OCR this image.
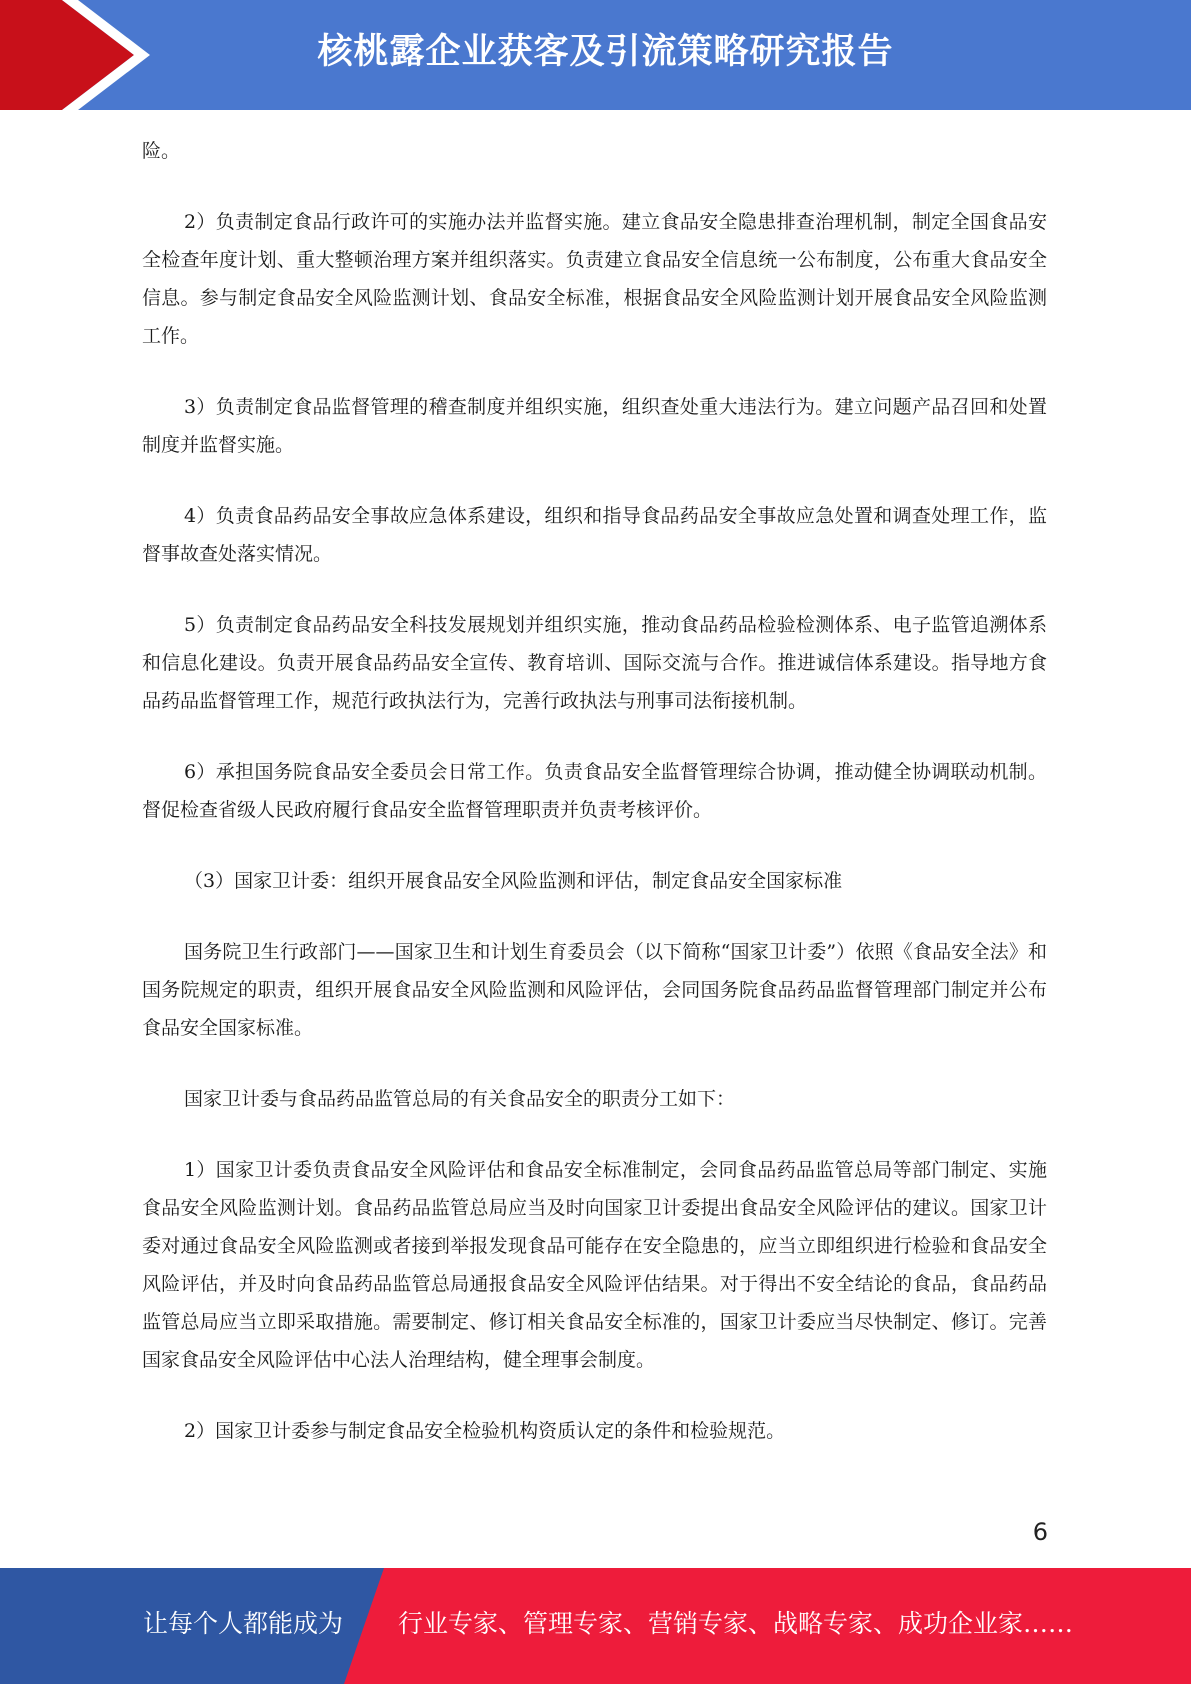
核桃露企业获客及引流策略研究报告

险。

2）负责制定食品行政许可的实施办法并监督实施。建立食品安全隐患排查治理机制，制定全国食品安全检查年度计划、重大整顿治理方案并组织落实。负责建立食品安全信息统一公布制度，公布重大食品安全信息。参与制定食品安全风险监测计划、食品安全标准，根据食品安全风险监测计划开展食品安全风险监测工作。

3）负责制定食品监督管理的稽查制度并组织实施，组织查处重大违法行为。建立问题产品召回和处置制度并监督实施。

4）负责食品药品安全事故应急体系建设，组织和指导食品药品安全事故应急处置和调查处理工作，监督事故查处落实情况。

5）负责制定食品药品安全科技发展规划并组织实施，推动食品药品检验检测体系、电子监管追溯体系和信息化建设。负责开展食品药品安全宣传、教育培训、国际交流与合作。推进诚信体系建设。指导地方食品药品监督管理工作，规范行政执法行为，完善行政执法与刑事司法衔接机制。

6）承担国务院食品安全委员会日常工作。负责食品安全监督管理综合协调，推动健全协调联动机制。督促检查省级人民政府履行食品安全监督管理职责并负责考核评价。

（3）国家卫计委：组织开展食品安全风险监测和评估，制定食品安全国家标准

国务院卫生行政部门——国家卫生和计划生育委员会（以下简称“国家卫计委”）依照《食品安全法》和国务院规定的职责，组织开展食品安全风险监测和风险评估，会同国务院食品药品监督管理部门制定并公布食品安全国家标准。

国家卫计委与食品药品监管总局的有关食品安全的职责分工如下：

1）国家卫计委负责食品安全风险评估和食品安全标准制定，会同食品药品监管总局等部门制定、实施食品安全风险监测计划。食品药品监管总局应当及时向国家卫计委提出食品安全风险评估的建议。国家卫计委对通过食品安全风险监测或者接到举报发现食品可能存在安全隐患的，应当立即组织进行检验和食品安全风险评估，并及时向食品药品监管总局通报食品安全风险评估结果。对于得出不安全结论的食品，食品药品监管总局应当立即采取措施。需要制定、修订相关食品安全标准的，国家卫计委应当尽快制定、修订。完善国家食品安全风险评估中心法人治理结构，健全理事会制度。

2）国家卫计委参与制定食品安全检验机构资质认定的条件和检验规范。

6
让每个人都能成为 行业专家、管理专家、营销专家、战略专家、成功企业家……
